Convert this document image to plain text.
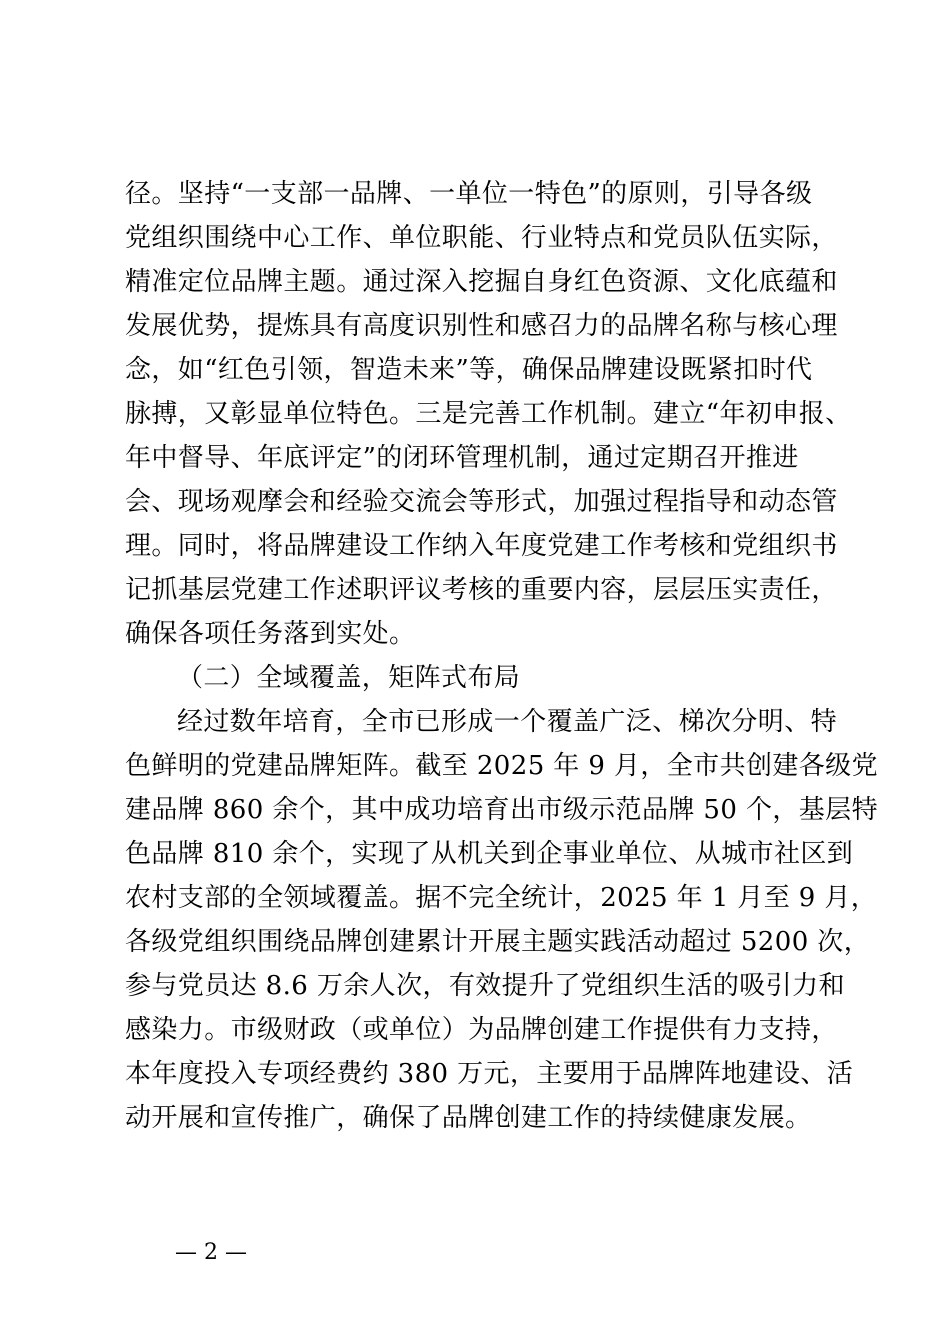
径。坚持“一支部一品牌、一单位一特色”的原则，引导各级
党组织围绕中心工作、单位职能、行业特点和党员队伍实际，
精准定位品牌主题。通过深入挖掘自身红色资源、文化底蕴和
发展优势，提炼具有高度识别性和感召力的品牌名称与核心理
念，如“红色引领，智造未来”等，确保品牌建设既紧扣时代
脉搏，又彰显单位特色。三是完善工作机制。建立“年初申报、
年中督导、年底评定”的闭环管理机制，通过定期召开推进
会、现场观摩会和经验交流会等形式，加强过程指导和动态管
理。同时，将品牌建设工作纳入年度党建工作考核和党组织书
记抓基层党建工作述职评议考核的重要内容，层层压实责任，
确保各项任务落到实处。
（二）全域覆盖，矩阵式布局
经过数年培育，全市已形成一个覆盖广泛、梯次分明、特
色鲜明的党建品牌矩阵。截至 2025 年 9 月，全市共创建各级党
建品牌 860 余个，其中成功培育出市级示范品牌 50 个，基层特
色品牌 810 余个，实现了从机关到企事业单位、从城市社区到
农村支部的全领域覆盖。据不完全统计，2025 年 1 月至 9 月，
各级党组织围绕品牌创建累计开展主题实践活动超过 5200 次，
参与党员达 8.6 万余人次，有效提升了党组织生活的吸引力和
感染力。市级财政（或单位）为品牌创建工作提供有力支持，
本年度投入专项经费约 380 万元，主要用于品牌阵地建设、活
动开展和宣传推广，确保了品牌创建工作的持续健康发展。
— 2 —
